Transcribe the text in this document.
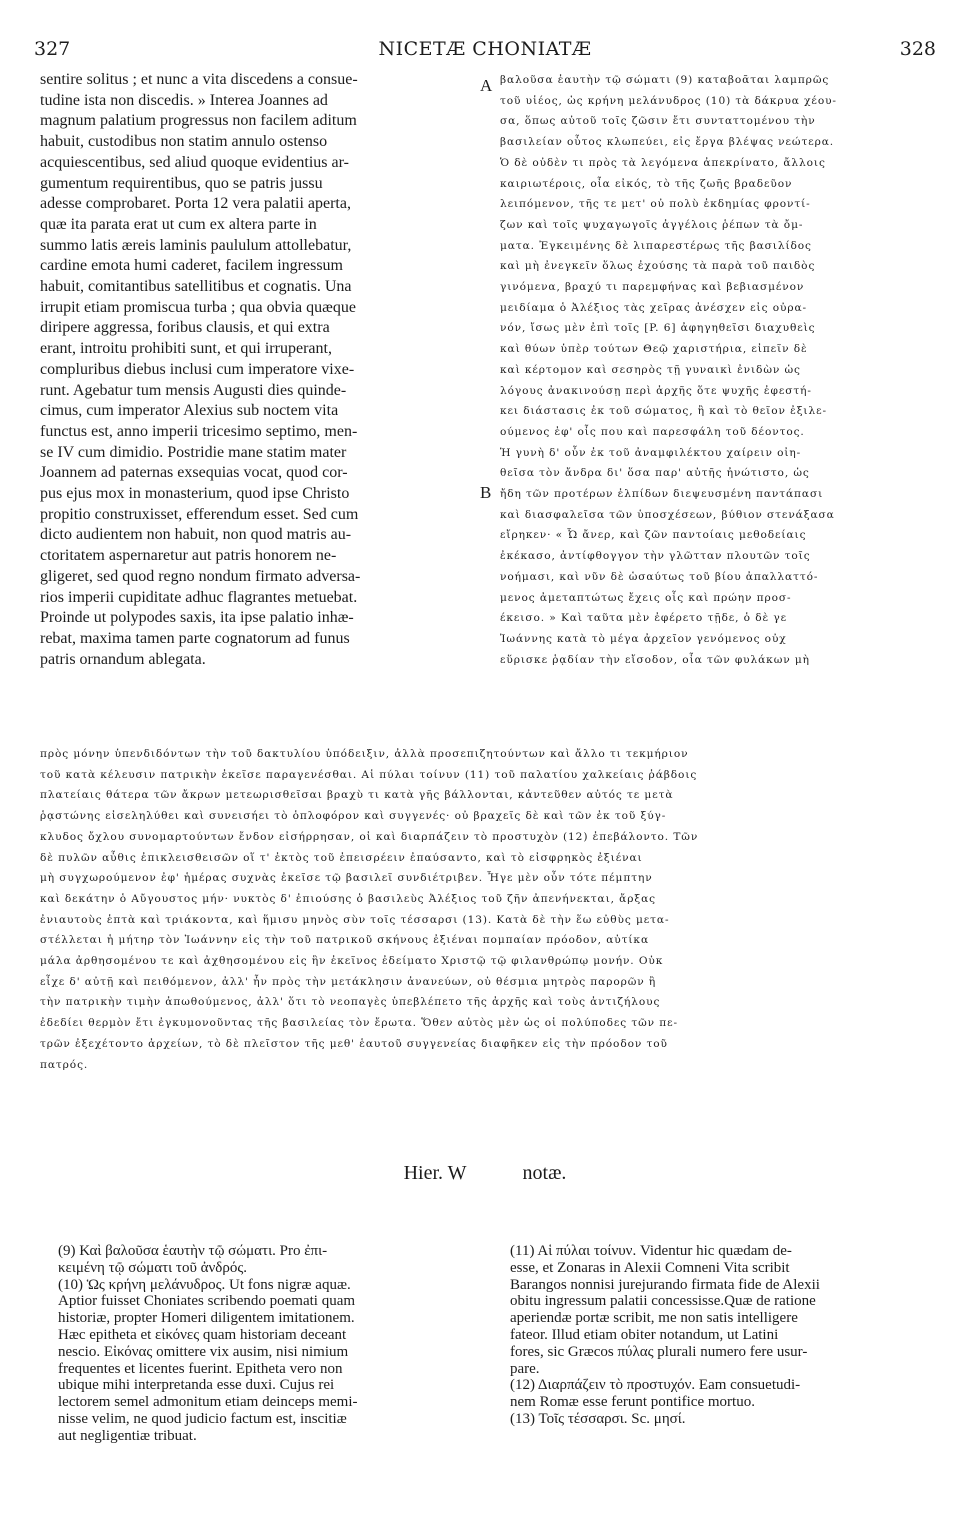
327	NICETÆ CHONIATÆ	328
A
B
sentire solitus ; et nunc a vita discedens a consue-
tudine ista non discedis. » Interea Joannes ad
magnum palatium progressus non facilem aditum
habuit, custodibus non statim annulo ostenso
acquiescentibus, sed aliud quoque evidentius ar-
gumentum requirentibus, quo se patris jussu
adesse comprobaret. Porta 12 vera palatii aperta,
quæ ita parata erat ut cum ex altera parte in
summo latis æreis laminis paululum attollebatur,
cardine emota humi caderet, facilem ingressum
habuit, comitantibus satellitibus et cognatis. Una
irrupit etiam promiscua turba ; qua obvia quæque
diripere aggressa, foribus clausis, et qui extra
erant, introitu prohibiti sunt, et qui irruperant,
compluribus diebus inclusi cum imperatore vixe-
runt. Agebatur tum mensis Augusti dies quinde-
cimus, cum imperator Alexius sub noctem vita
functus est, anno imperii tricesimo septimo, men-
se IV cum dimidio. Postridie mane statim mater
Joannem ad paternas exsequias vocat, quod cor-
pus ejus mox in monasterium, quod ipse Christo
propitio construxisset, efferendum esset. Sed cum
dicto audientem non habuit, non quod matris au-
ctoritatem aspernaretur aut patris honorem ne-
gligeret, sed quod regno nondum firmato adversa-
rios imperii cupiditate adhuc flagrantes metuebat.
Proinde ut polypodes saxis, ita ipse palatio inhæ-
rebat, maxima tamen parte cognatorum ad funus
patris ornandum ablegata.
βαλοῦσα ἑαυτὴν τῷ σώματι (9) καταβοᾶται λαμπρῶς
τοῦ υἱέος, ὡς κρήνη μελάνυδρος (10) τὰ δάκρυα χέου-
σα, ὅπως αὐτοῦ τοῖς ζῶσιν ἔτι συνταττομένου τὴν
βασιλείαν οὗτος κλωπεύει, εἰς ἔργα βλέψας νεώτερα.
Ὁ δὲ οὐδὲν τι πρὸς τὰ λεγόμενα ἀπεκρίνατο, ἄλλοις
καιριωτέροις, οἷα εἰκός, τὸ τῆς ζωῆς βραδεῦον
λειπόμενον, τῆς τε μετ' οὐ πολὺ ἐκδημίας φροντί-
ζων καὶ τοῖς ψυχαγωγοῖς ἀγγέλοις ῥέπων τὰ ὄμ-
ματα. Ἐγκειμένης δὲ λιπαρεστέρως τῆς βασιλίδος
καὶ μὴ ἐνεγκεῖν ὅλως ἐχούσης τὰ παρὰ τοῦ παιδὸς
γινόμενα, βραχύ τι παρεμφήνας καὶ βεβιασμένον
μειδίαμα ὁ Ἀλέξιος τὰς χεῖρας ἀνέσχεν εἰς οὐρα-
νόν, ἴσως μὲν ἐπὶ τοῖς [P. 6] ἀφηγηθεῖσι διαχυθεὶς
καὶ θύων ὑπὲρ τούτων Θεῷ χαριστήρια, εἰπεῖν δὲ
καὶ κέρτομον καὶ σεσηρὸς τῇ γυναικὶ ἐνιδὼν ὡς
λόγους ἀνακινούσῃ περὶ ἀρχῆς ὅτε ψυχῆς ἐφεστή-
κει διάστασις ἐκ τοῦ σώματος, ἢ καὶ τὸ θεῖον ἐξιλε-
ούμενος ἐφ' οἷς που καὶ παρεσφάλη τοῦ δέοντος.
Ἡ γυνὴ δ' οὖν ἐκ τοῦ ἀναμφιλέκτου χαίρειν οἰη-
θεῖσα τὸν ἄνδρα δι' ὅσα παρ' αὐτῆς ἠνώτιστο, ὡς
ἤδη τῶν προτέρων ἐλπίδων διεψευσμένη παντάπασι
καὶ διασφαλεῖσα τῶν ὑποσχέσεων, βύθιον στενάξασα
εἴρηκεν· « Ὦ ἄνερ, καὶ ζῶν παντοίαις μεθοδείαις
ἐκέκασο, ἀντίφθογγον τὴν γλῶτταν πλουτῶν τοῖς
νοήμασι, καὶ νῦν δὲ ὡσαύτως τοῦ βίου ἀπαλλαττό-
μενος ἀμεταπτώτως ἔχεις οἷς καὶ πρώην προσ-
έκεισο. » Καὶ ταῦτα μὲν ἐφέρετο τῇδε, ὁ δὲ γε
Ἰωάννης κατὰ τὸ μέγα ἀρχεῖον γενόμενος οὐχ
εὕρισκε ῥᾳδίαν τὴν εἴσοδον, οἷα τῶν φυλάκων μὴ
πρὸς μόνην ὑπενδιδόντων τὴν τοῦ δακτυλίου ὑπόδειξιν, ἀλλὰ προσεπιζητούντων καὶ ἄλλο τι τεκμήριον
τοῦ κατὰ κέλευσιν πατρικὴν ἐκεῖσε παραγενέσθαι. Αἱ πύλαι τοίνυν (11) τοῦ παλατίου χαλκείαις ῥάβδοις
πλατείαις θάτερα τῶν ἄκρων μετεωρισθεῖσαι βραχὺ τι κατὰ γῆς βάλλονται, κἀντεῦθεν αὐτός τε μετὰ
ῥᾳστώνης εἰσεληλύθει καὶ συνεισήει τὸ ὁπλοφόρον καὶ συγγενές· οὐ βραχεῖς δὲ καὶ τῶν ἐκ τοῦ ξύγ-
κλυδος ὄχλου συνομαρτούντων ἔνδον εἰσήρρησαν, οἱ καὶ διαρπάζειν τὸ προστυχὸν (12) ἐπεβάλοντο. Τῶν
δὲ πυλῶν αὖθις ἐπικλεισθεισῶν οἵ τ' ἐκτὸς τοῦ ἐπεισρέειν ἐπαύσαντο, καὶ τὸ εἰσφρηκὸς ἐξιέναι
μὴ συγχωρούμενον ἐφ' ἡμέρας συχνὰς ἐκεῖσε τῷ βασιλεῖ συνδιέτριβεν. Ἦγε μὲν οὖν τότε πέμπτην
καὶ δεκάτην ὁ Αὔγουστος μήν· νυκτὸς δ' ἐπιούσης ὁ βασιλεὺς Ἀλέξιος τοῦ ζῆν ἀπενήνεκται, ἄρξας
ἐνιαυτοὺς ἑπτὰ καὶ τριάκοντα, καὶ ἥμισυ μηνὸς σὺν τοῖς τέσσαρσι (13). Κατὰ δὲ τὴν ἕω εὐθὺς μετα-
στέλλεται ἡ μήτηρ τὸν Ἰωάννην εἰς τὴν τοῦ πατρικοῦ σκήνους ἐξιέναι πομπαίαν πρόοδον, αὐτίκα
μάλα ἀρθησομένου τε καὶ ἀχθησομένου εἰς ἣν ἐκεῖνος ἐδείματο Χριστῷ τῷ φιλανθρώπῳ μονήν. Οὐκ
εἶχε δ' αὐτῇ καὶ πειθόμενον, ἀλλ' ἦν πρὸς τὴν μετάκλησιν ἀνανεύων, οὐ θέσμια μητρὸς παρορῶν ἢ
τὴν πατρικὴν τιμὴν ἀπωθούμενος, ἀλλ' ὅτι τὸ νεοπαγὲς ὑπεβλέπετο τῆς ἀρχῆς καὶ τοὺς ἀντιζήλους
ἐδεδίει θερμὸν ἔτι ἐγκυμονοῦντας τῆς βασιλείας τὸν ἔρωτα. Ὅθεν αὐτὸς μὲν ὡς οἱ πολύποδες τῶν πε-
τρῶν ἐξεχέτοντο ἀρχείων, τὸ δὲ πλεῖστον τῆς μεθ' ἑαυτοῦ συγγενείας διαφῆκεν εἰς τὴν πρόοδον τοῦ
πατρός.
Hier. W	notæ.
(9) Καὶ βαλοῦσα ἑαυτὴν τῷ σώματι. Pro ἐπι-
κειμένη τῷ σώματι τοῦ ἀνδρός.
(10) Ὡς κρήνη μελάνυδρος. Ut fons nigræ aquæ.
Aptior fuisset Choniates scribendo poemati quam
historiæ, propter Homeri diligentem imitationem.
Hæc epitheta et εἰκόνες quam historiam deceant
nescio. Εἰκόνας omittere vix ausim, nisi nimium
frequentes et licentes fuerint. Epitheta vero non
ubique mihi interpretanda esse duxi. Cujus rei
lectorem semel admonitum etiam deinceps memi-
nisse velim, ne quod judicio factum est, inscitiæ
aut negligentiæ tribuat.
(11) Αἱ πύλαι τοίνυν. Videntur hic quædam de-
esse, et Zonaras in Alexii Comneni Vita scribit
Barangos nonnisi jurejurando firmata fide de Alexii
obitu ingressum palatii concessisse.Quæ de ratione
aperiendæ portæ scribit, me non satis intelligere
fateor. Illud etiam obiter notandum, ut Latini
fores, sic Græcos πύλας plurali numero fere usur-
pare.
(12) Διαρπάζειν τὸ προστυχόν. Eam consuetudi-
nem Romæ esse ferunt pontifice mortuo.
(13) Τοῖς τέσσαρσι. Sc. μησί.
